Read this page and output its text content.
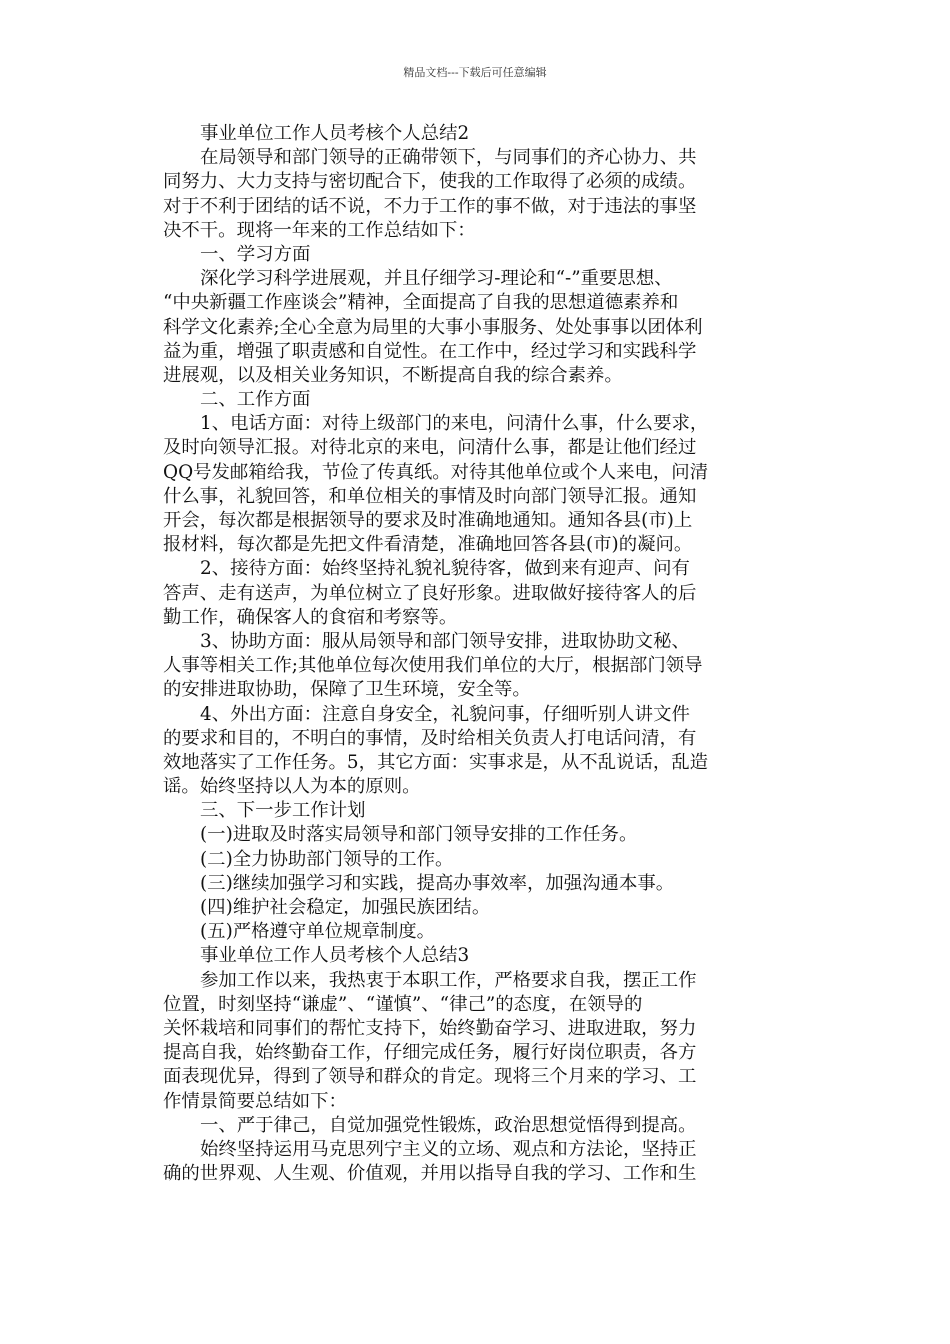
精品文档---下载后可任意编辑
事业单位工作人员考核个人总结2
在局领导和部门领导的正确带领下，与同事们的齐心协力、共
同努力、大力支持与密切配合下，使我的工作取得了必须的成绩。
对于不利于团结的话不说，不力于工作的事不做，对于违法的事坚
决不干。现将一年来的工作总结如下：
一、学习方面
深化学习科学进展观，并且仔细学习-理论和“-”重要思想、
“中央新疆工作座谈会”精神，全面提高了自我的思想道德素养和
科学文化素养;全心全意为局里的大事小事服务、处处事事以团体利
益为重，增强了职责感和自觉性。在工作中，经过学习和实践科学
进展观，以及相关业务知识，不断提高自我的综合素养。
二、工作方面
1、电话方面：对待上级部门的来电，问清什么事，什么要求，
及时向领导汇报。对待北京的来电，问清什么事，都是让他们经过
QQ号发邮箱给我，节俭了传真纸。对待其他单位或个人来电，问清
什么事，礼貌回答，和单位相关的事情及时向部门领导汇报。通知
开会，每次都是根据领导的要求及时准确地通知。通知各县(市)上
报材料，每次都是先把文件看清楚，准确地回答各县(市)的凝问。
2、接待方面：始终坚持礼貌礼貌待客，做到来有迎声、问有
答声、走有送声，为单位树立了良好形象。进取做好接待客人的后
勤工作，确保客人的食宿和考察等。
3、协助方面：服从局领导和部门领导安排，进取协助文秘、
人事等相关工作;其他单位每次使用我们单位的大厅，根据部门领导
的安排进取协助，保障了卫生环境，安全等。
4、外出方面：注意自身安全，礼貌问事，仔细听别人讲文件
的要求和目的，不明白的事情，及时给相关负责人打电话问清，有
效地落实了工作任务。5，其它方面：实事求是，从不乱说话，乱造
谣。始终坚持以人为本的原则。
三、下一步工作计划
(一)进取及时落实局领导和部门领导安排的工作任务。
(二)全力协助部门领导的工作。
(三)继续加强学习和实践，提高办事效率，加强沟通本事。
(四)维护社会稳定，加强民族团结。
(五)严格遵守单位规章制度。
事业单位工作人员考核个人总结3
参加工作以来，我热衷于本职工作，严格要求自我，摆正工作
位置，时刻坚持“谦虚”、“谨慎”、“律己”的态度，在领导的
关怀栽培和同事们的帮忙支持下，始终勤奋学习、进取进取，努力
提高自我，始终勤奋工作，仔细完成任务，履行好岗位职责，各方
面表现优异，得到了领导和群众的肯定。现将三个月来的学习、工
作情景简要总结如下：
一、严于律己，自觉加强党性锻炼，政治思想觉悟得到提高。
始终坚持运用马克思列宁主义的立场、观点和方法论，坚持正
确的世界观、人生观、价值观，并用以指导自我的学习、工作和生
